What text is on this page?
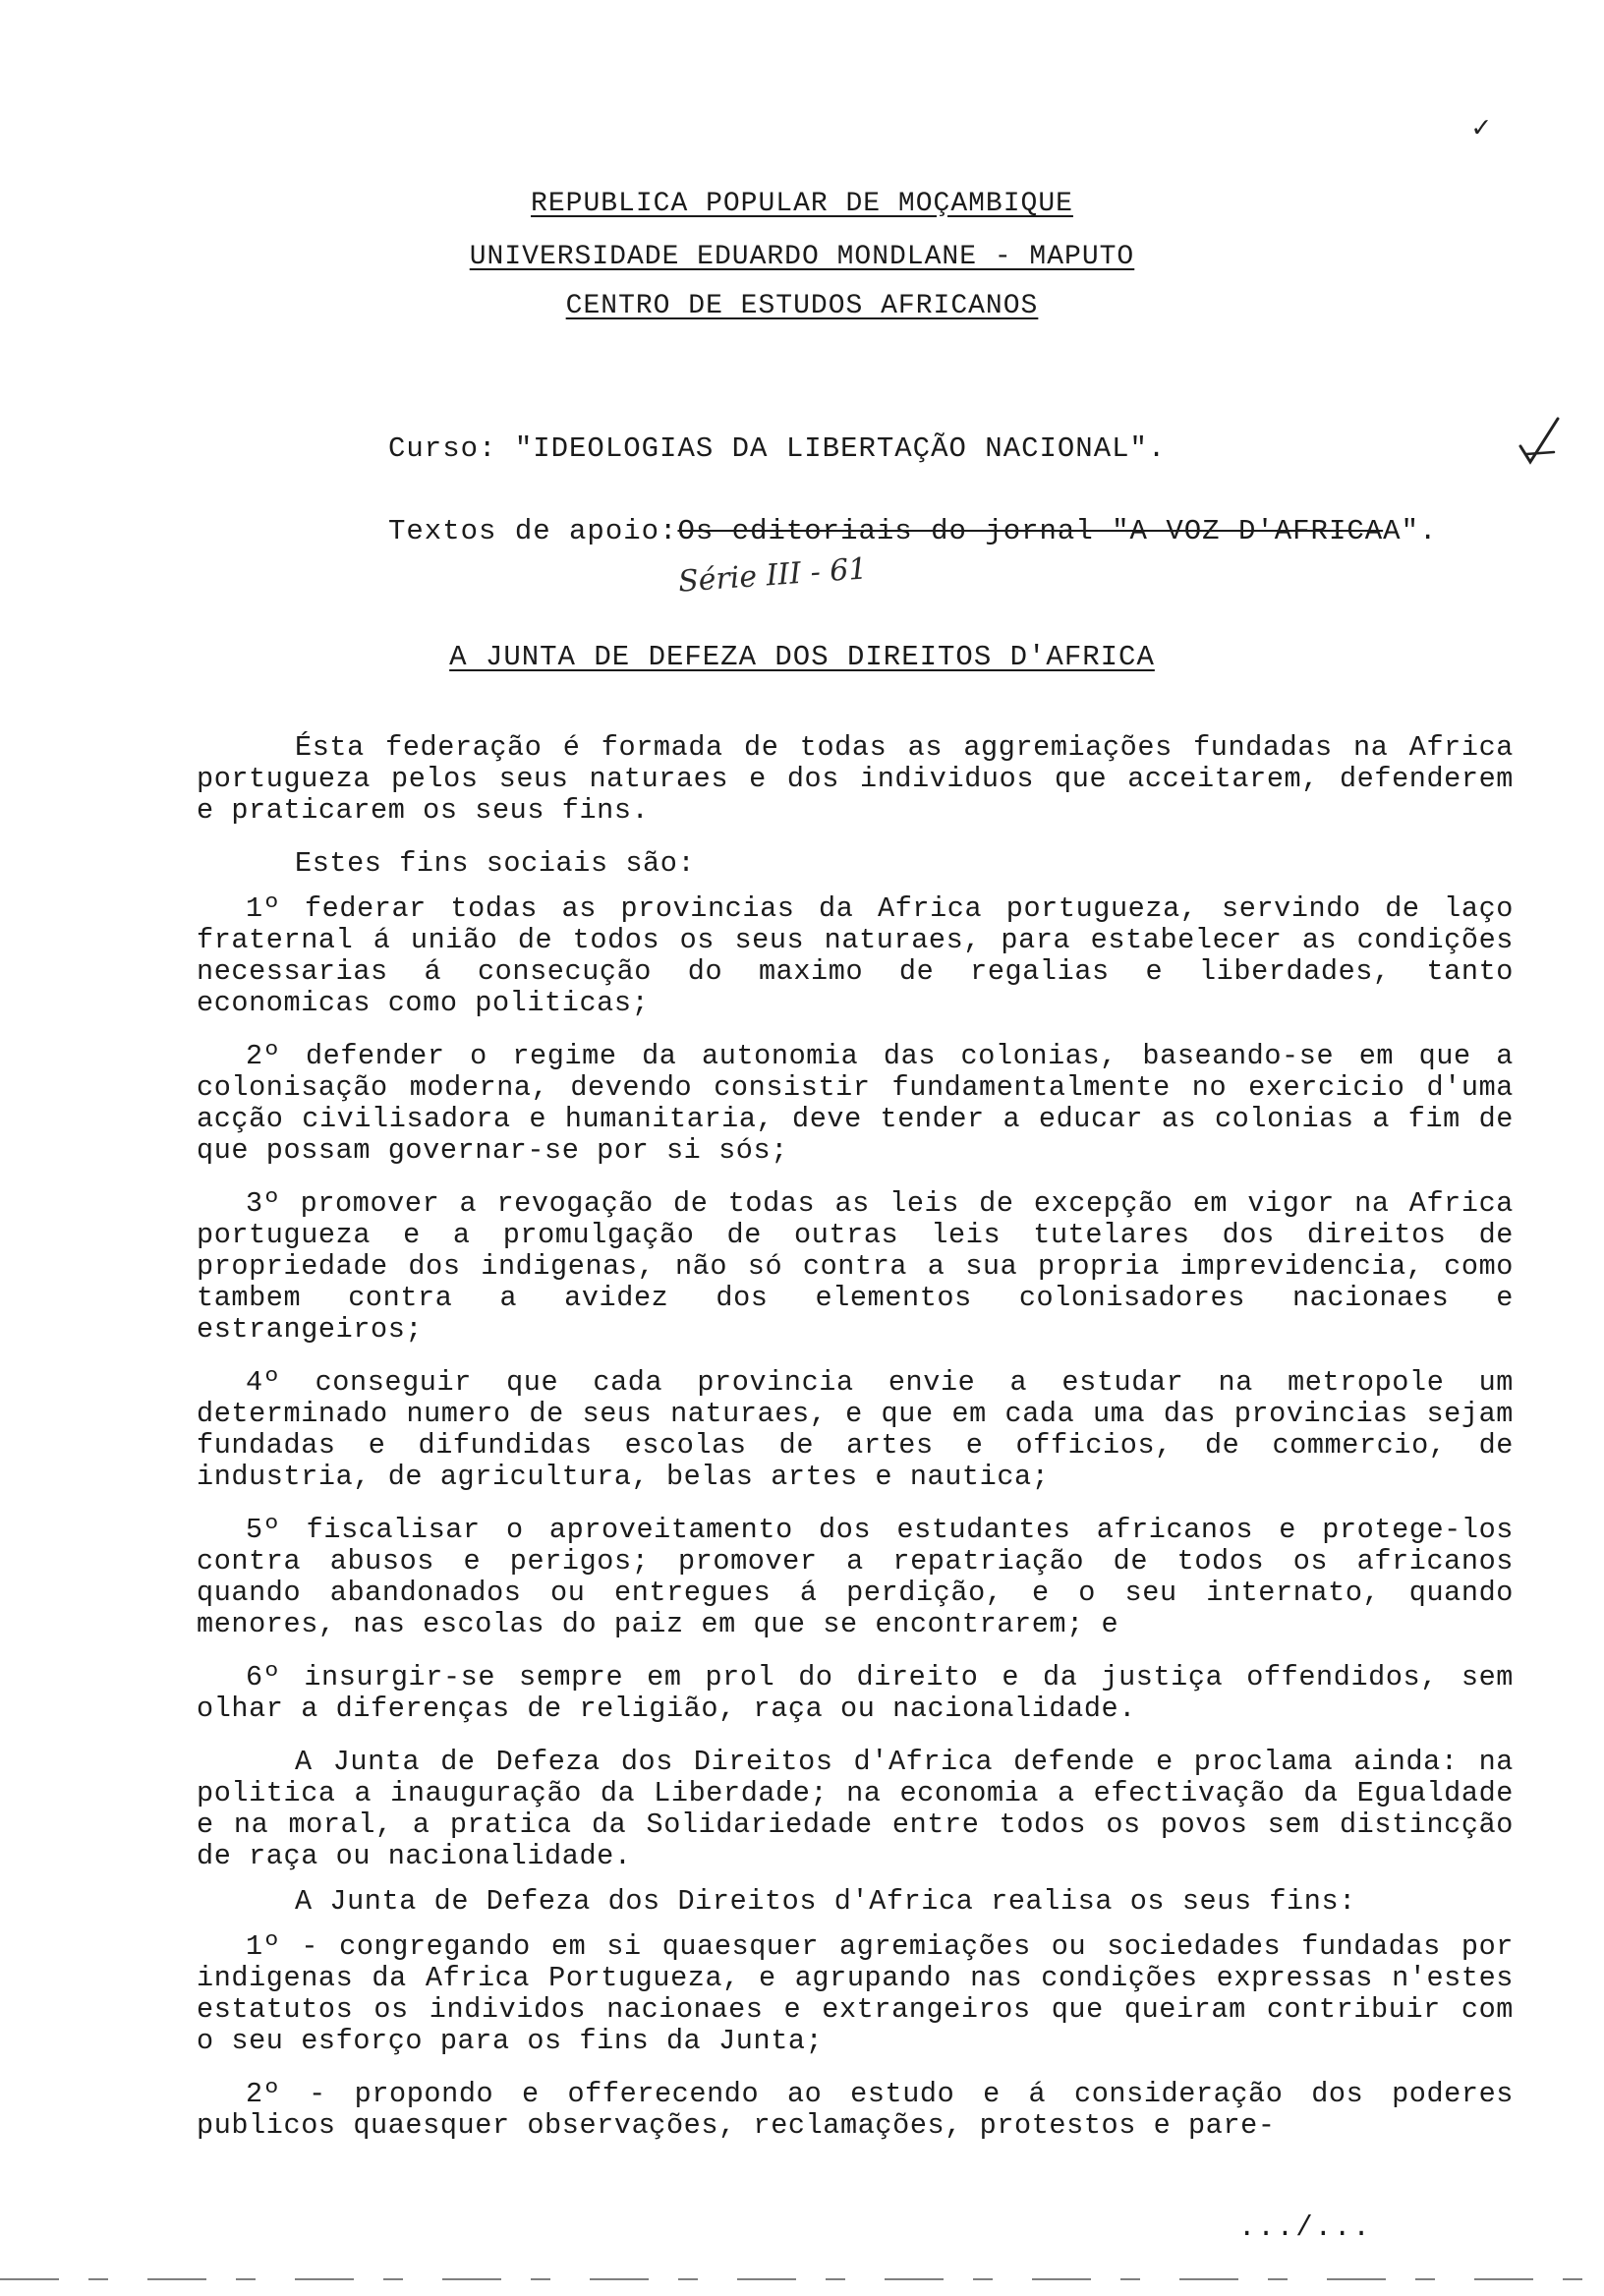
✓
REPUBLICA POPULAR DE MOÇAMBIQUE
UNIVERSIDADE EDUARDO MONDLANE - MAPUTO
CENTRO DE ESTUDOS AFRICANOS
Curso: "IDEOLOGIAS DA LIBERTAÇÃO NACIONAL".
Textos de apoio:Os editoriais do jornal "A VOZ D'AFRICAA".
Série III - 61
A JUNTA DE DEFEZA DOS DIREITOS D'AFRICA

Ésta federação é formada de todas as aggremiações fundadas na Africa portugueza pelos seus naturaes e dos individuos que acceitarem, defenderem e praticarem os seus fins.

Estes fins sociais são:

1º federar todas as provincias da Africa portugueza, servindo de laço fraternal á união de todos os seus naturaes, para estabelecer as condições necessarias á consecução do maximo de regalias e liberdades, tanto economicas como politicas;

2º defender o regime da autonomia das colonias, baseando-se em que a colonisação moderna, devendo consistir fundamentalmente no exercicio d'uma acção civilisadora e humanitaria, deve tender a educar as colonias a fim de que possam governar-se por si sós;

3º promover a revogação de todas as leis de excepção em vigor na Africa portugueza e a promulgação de outras leis tutelares dos direitos de propriedade dos indigenas, não só contra a sua propria imprevidencia, como tambem contra a avidez dos elementos colonisadores nacionaes e estrangeiros;

4º conseguir que cada provincia envie a estudar na metropole um determinado numero de seus naturaes, e que em cada uma das provincias sejam fundadas e difundidas escolas de artes e officios, de commercio, de industria, de agricultura, belas artes e nautica;

5º fiscalisar o aproveitamento dos estudantes africanos e protege-los contra abusos e perigos; promover a repatriação de todos os africanos quando abandonados ou entregues á perdição, e o seu internato, quando menores, nas escolas do paiz em que se encontrarem; e

6º insurgir-se sempre em prol do direito e da justiça offendidos, sem olhar a diferenças de religião, raça ou nacionalidade.

A Junta de Defeza dos Direitos d'Africa defende e proclama ainda: na politica a inauguração da Liberdade; na economia a efectivação da Egualdade e na moral, a pratica da Solidariedade entre todos os povos sem distincção de raça ou nacionalidade.

A Junta de Defeza dos Direitos d'Africa realisa os seus fins:

1º - congregando em si quaesquer agremiações ou sociedades fundadas por indigenas da Africa Portugueza, e agrupando nas condições expressas n'estes estatutos os individos nacionaes e extrangeiros que queiram contribuir com o seu esforço para os fins da Junta;

2º - propondo e offerecendo ao estudo e á consideração dos poderes publicos quaesquer observações, reclamações, protestos e pare-

.../...
